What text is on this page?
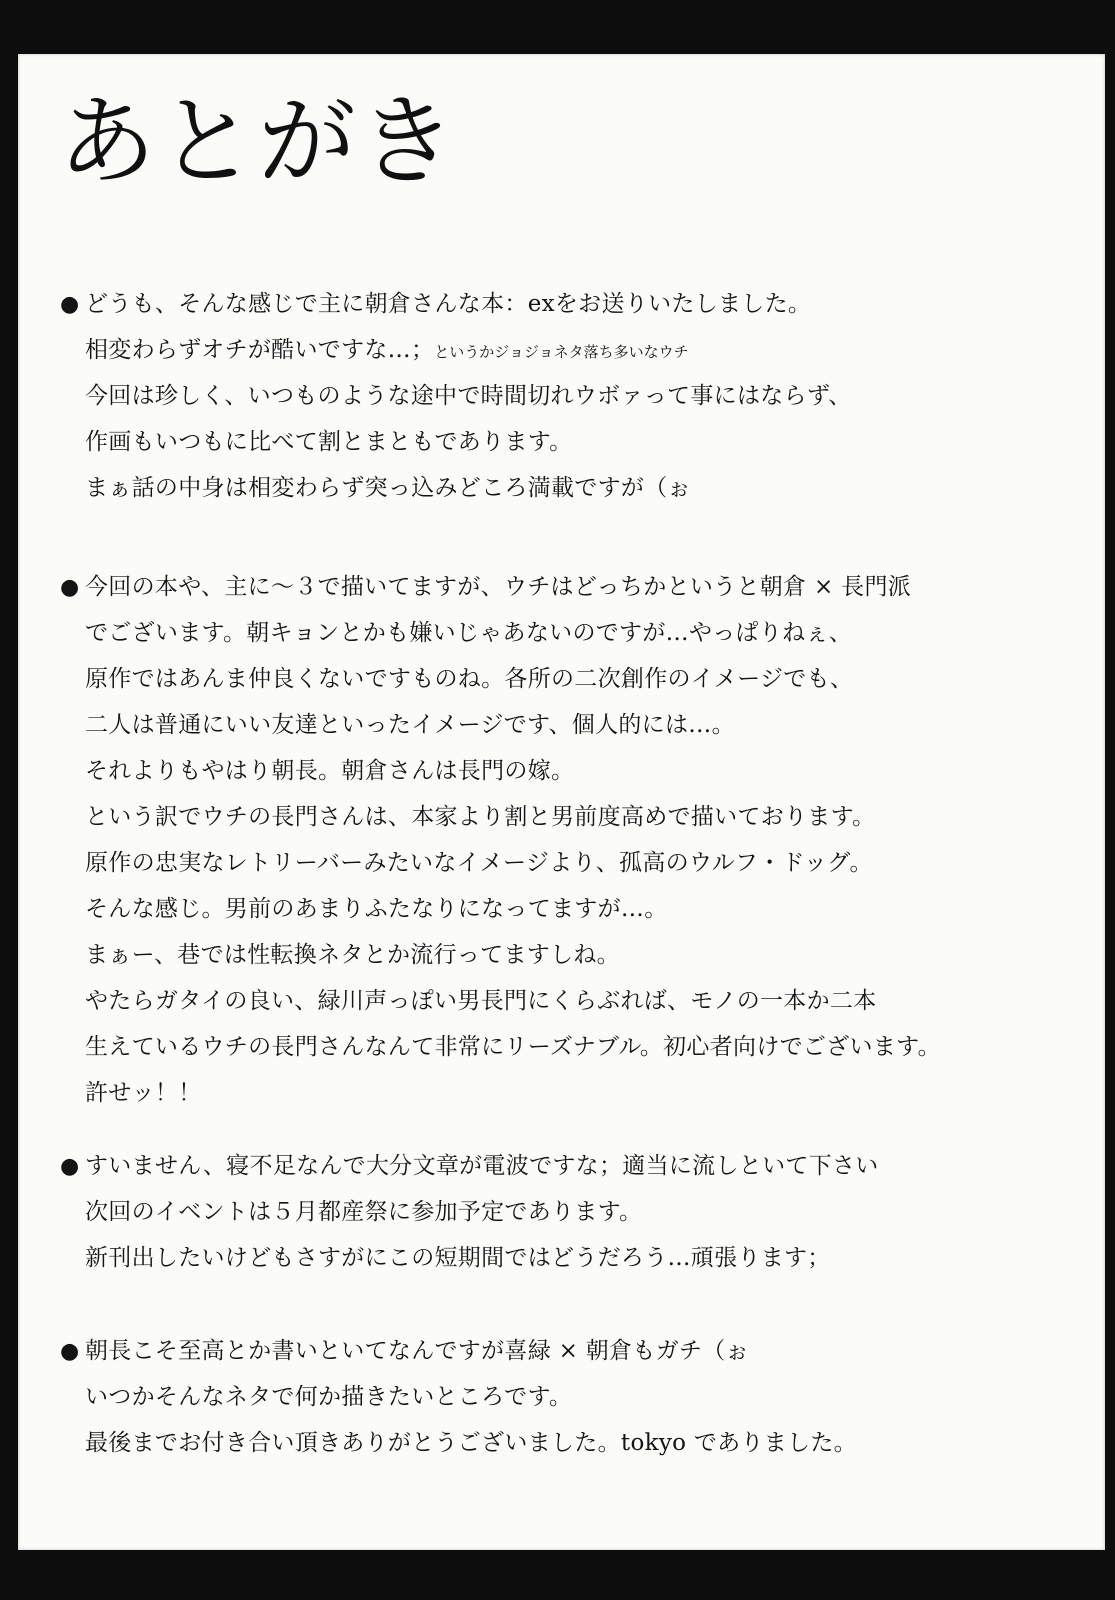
あとがき
● どうも、そんな感じで主に朝倉さんな本：exをお送りいたしました。
相変わらずオチが酷いですな…；というかジョジョネタ落ち多いなウチ
今回は珍しく、いつものような途中で時間切れウボァって事にはならず、
作画もいつもに比べて割とまともであります。
まぁ話の中身は相変わらず突っ込みどころ満載ですが（ぉ
● 今回の本や、主に～３で描いてますが、ウチはどっちかというと朝倉 × 長門派
でございます。朝キョンとかも嫌いじゃあないのですが…やっぱりねぇ、
原作ではあんま仲良くないですものね。各所の二次創作のイメージでも、
二人は普通にいい友達といったイメージです、個人的には…。
それよりもやはり朝長。朝倉さんは長門の嫁。
という訳でウチの長門さんは、本家より割と男前度高めで描いております。
原作の忠実なレトリーバーみたいなイメージより、孤高のウルフ・ドッグ。
そんな感じ。男前のあまりふたなりになってますが…。
まぁー、巷では性転換ネタとか流行ってますしね。
やたらガタイの良い、緑川声っぽい男長門にくらぶれば、モノの一本か二本
生えているウチの長門さんなんて非常にリーズナブル。初心者向けでございます。
許せッ！！
● すいません、寝不足なんで大分文章が電波ですな；適当に流しといて下さい
次回のイベントは５月都産祭に参加予定であります。
新刊出したいけどもさすがにこの短期間ではどうだろう…頑張ります；
● 朝長こそ至高とか書いといてなんですが喜緑 × 朝倉もガチ（ぉ
いつかそんなネタで何か描きたいところです。
最後までお付き合い頂きありがとうございました。tokyo でありました。
